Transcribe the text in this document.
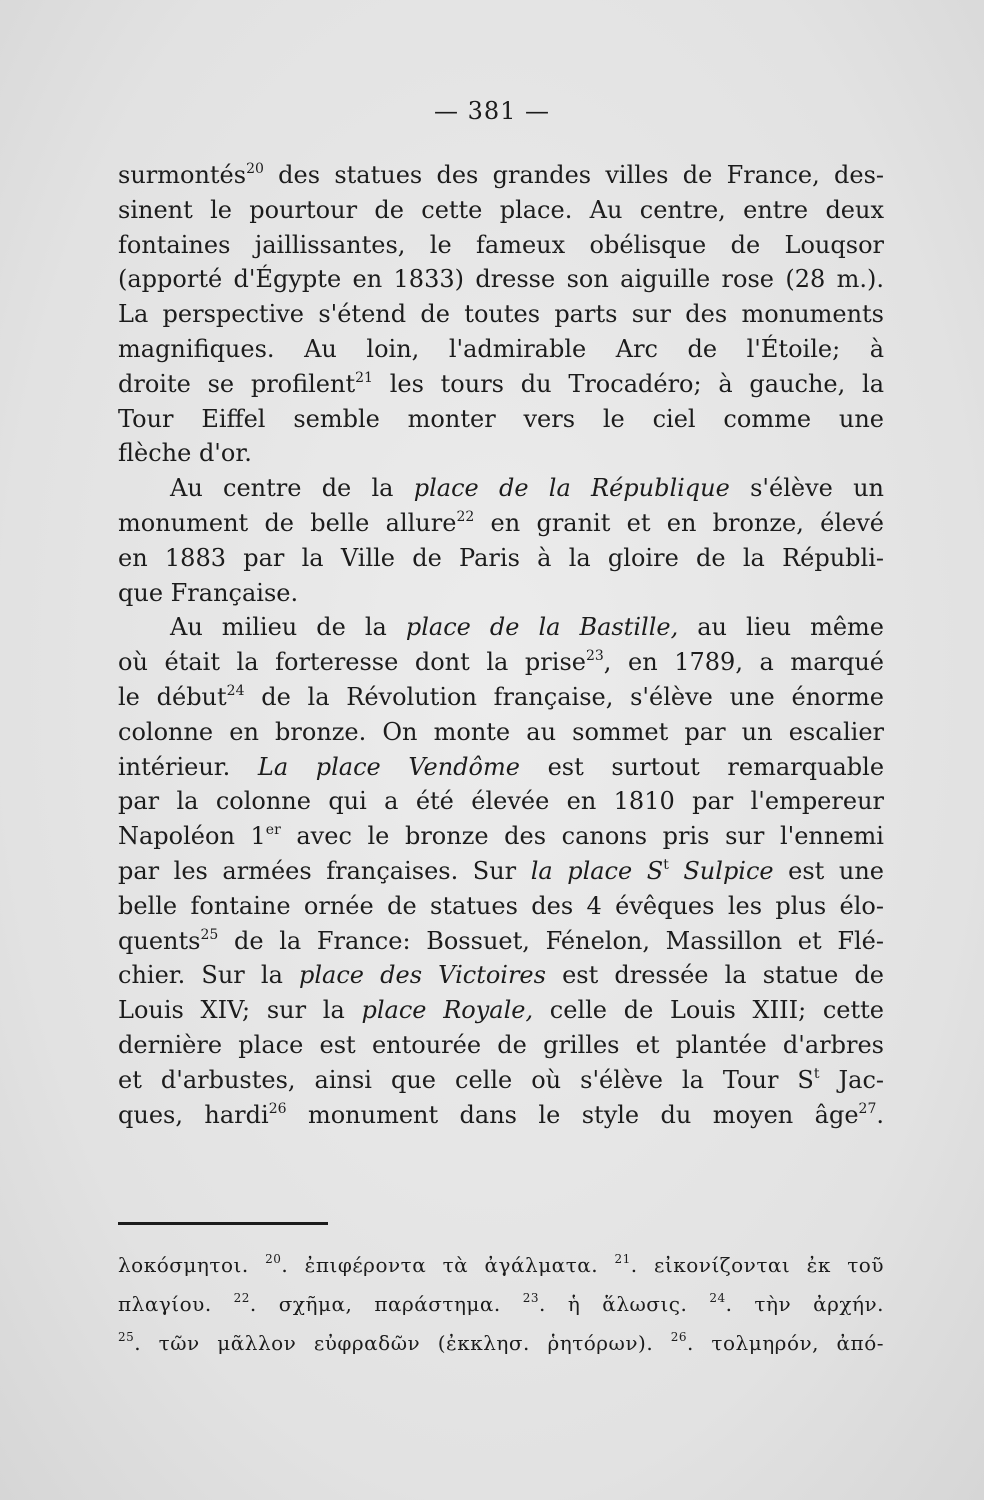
— 381 —
surmontés$^{20}$ des statues des grandes villes de France, des-
sinent le pourtour de cette place. Au centre, entre deux
fontaines jaillissantes, le fameux obélisque de Louqsor
(apporté d'Égypte en 1833) dresse son aiguille rose (28 m.).
La perspective s'étend de toutes parts sur des monuments
magnifiques. Au loin, l'admirable Arc de l'Étoile; à
droite se profilent$^{21}$ les tours du Trocadéro; à gauche, la
Tour Eiffel semble monter vers le ciel comme une
flèche d'or.
Au centre de la place de la République s'élève un
monument de belle allure$^{22}$ en granit et en bronze, élevé
en 1883 par la Ville de Paris à la gloire de la Républi-
que Française.
Au milieu de la place de la Bastille, au lieu même
où était la forteresse dont la prise$^{23}$, en 1789, a marqué
le début$^{24}$ de la Révolution française, s'élève une énorme
colonne en bronze. On monte au sommet par un escalier
intérieur. La place Vendôme est surtout remarquable
par la colonne qui a été élevée en 1810 par l'empereur
Napoléon 1er avec le bronze des canons pris sur l'ennemi
par les armées françaises. Sur la place $S^t$ Sulpice est une
belle fontaine ornée de statues des 4 évêques les plus élo-
quents$^{25}$ de la France: Bossuet, Fénelon, Massillon et Flé-
chier. Sur la place des Victoires est dressée la statue de
Louis XIV; sur la place Royale, celle de Louis XIII; cette
dernière place est entourée de grilles et plantée d'arbres
et d'arbustes, ainsi que celle où s'élève la Tour $S^t$ Jac-
ques, hardi$^{26}$ monument dans le style du moyen âge$^{27}$.
λοκόσμητοι. $^{20}$. ἐπιφέροντα τὰ ἀγάλματα. $^{21}$. εἰκονίζονται ἐκ τοῦ
πλαγίου. $^{22}$. σχῆμα, παράστημα. $^{23}$. ἡ ἅλωσις. $^{24}$. τὴν ἀρχήν.
$^{25}$. τῶν μᾶλλον εὐφραδῶν (ἐκκλησ. ῥητόρων). $^{26}$. τολμηρόν, ἀπό-
